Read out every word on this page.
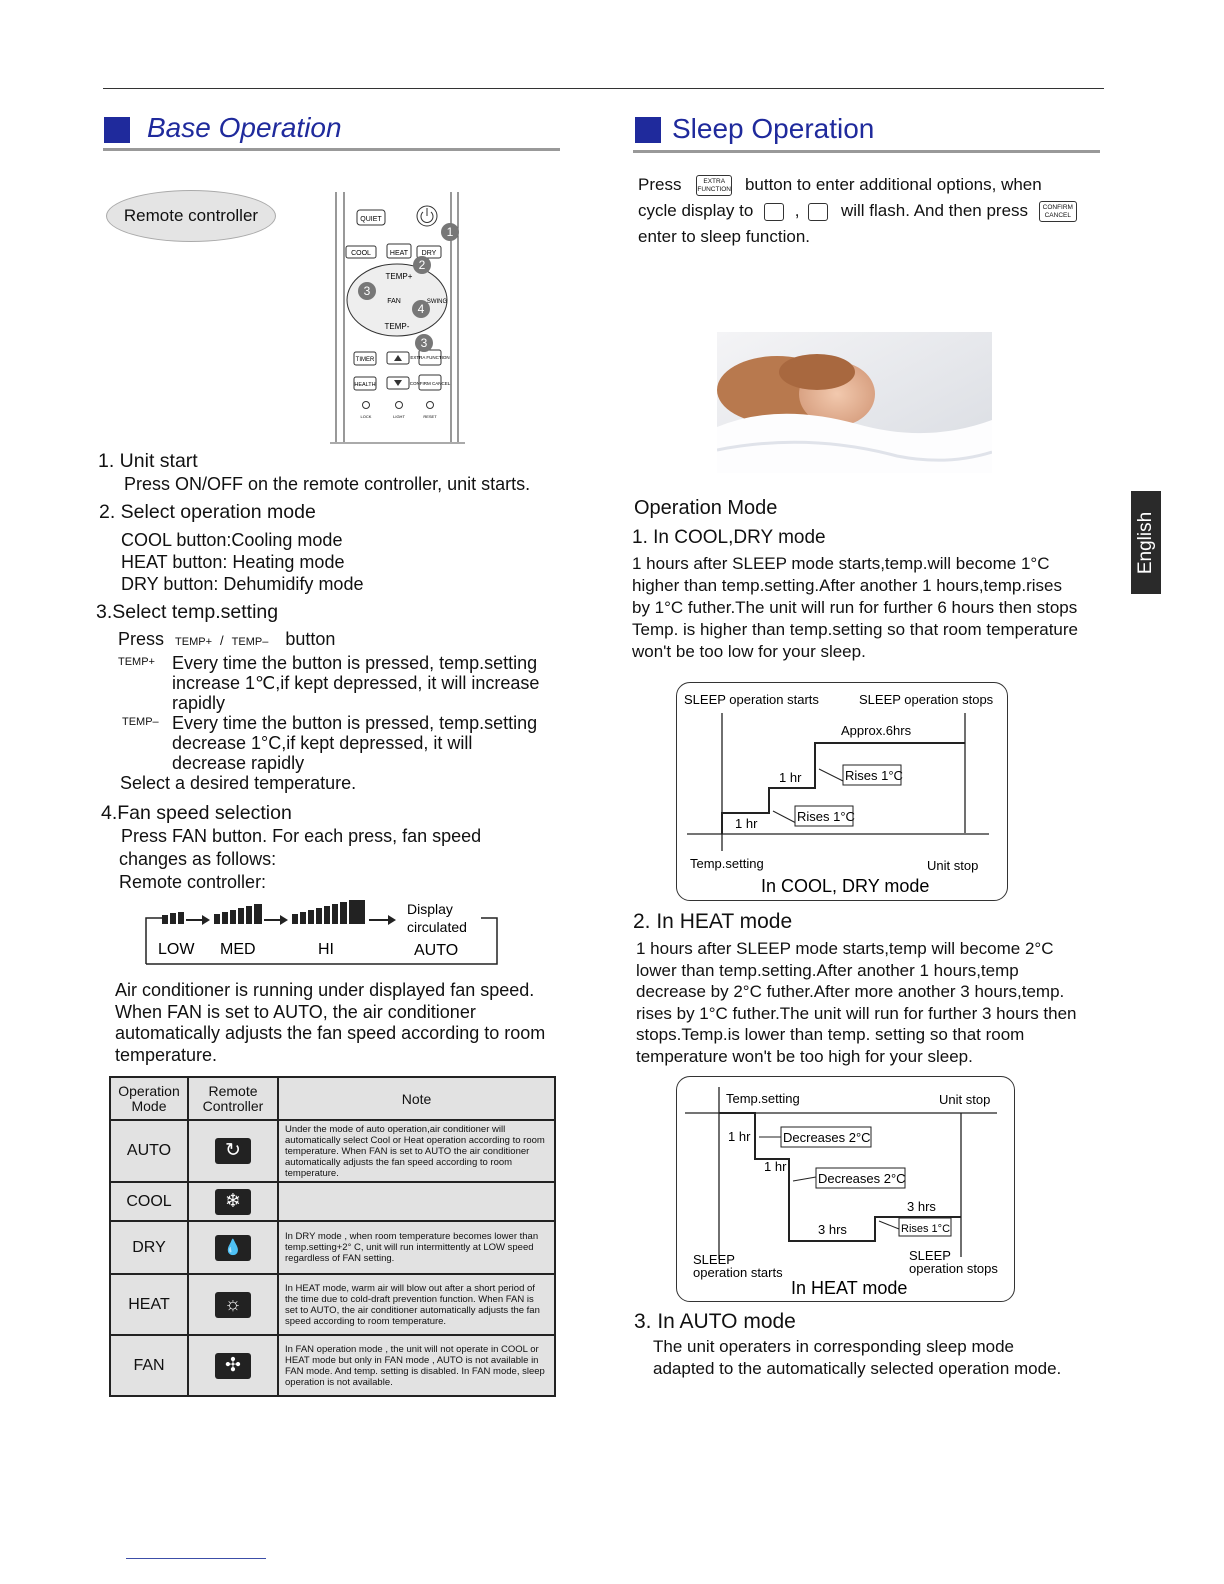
Base Operation
Remote controller	QUIET
COOL	HEAT DRY
TEMP+
FAN	SWING
TEMP-
TIMER	EXTRA FUNCTION
HEALTH	CONFIRM CANCEL
LOCK	LIGHT	RESET
1
2
3
4
3
1. Unit start
Press ON/OFF on the remote controller, unit starts.
2. Select operation mode
COOL button:Cooling mode
HEAT button: Heating mode
DRY button: Dehumidify mode
3.Select temp.setting
Press TEMP+ / TEMP– button
TEMP+ Every time the button is pressed, temp.setting
increase 1℃,if kept depressed, it will increase
rapidly
TEMP– Every time the button is pressed, temp.setting
decrease 1°C,if kept depressed, it will
decrease rapidly
Select a desired temperature.
4.Fan speed selection
Press FAN button. For each press, fan speed
changes as follows:
Remote controller:
Display
circulated
LOW MED	HI	AUTO
Air conditioner is running under displayed fan speed.
When FAN is set to AUTO, the air conditioner
automatically adjusts the fan speed according to room
temperature.
Operation Mode	Remote Controller	Note
AUTO	↻	Under the mode of auto operation,air conditioner will automatically select Cool or Heat operation according to room temperature. When FAN is set to AUTO the air conditioner automatically adjusts the fan speed according to room temperature.
COOL	❄	
DRY	💧	In DRY mode , when room temperature becomes lower than temp.setting+2° C, unit will run intermittently at LOW speed regardless of FAN setting.
HEAT	☼	In HEAT mode, warm air will blow out after a short period of the time due to cold-draft prevention function. When FAN is set to AUTO, the air conditioner automatically adjusts the fan speed according to room temperature.
FAN	✣	In FAN operation mode , the unit will not operate in COOL or HEAT mode but only in FAN mode , AUTO is not available in FAN mode. And temp. setting is disabled. In FAN mode, sleep operation is not available.
Sleep Operation
Press	EXTRA FUNCTION button to enter additional options, when
cycle display to , will flash. And then press CONFIRM CANCEL
enter to sleep function.
Operation Mode
1. In COOL,DRY mode
1 hours after SLEEP mode starts,temp.will become 1°C
higher than temp.setting.After another 1 hours,temp.rises
by 1°C futher.The unit will run for further 6 hours then stops
Temp. is higher than temp.setting so that room temperature
won't be too low for your sleep.
SLEEP operation starts	SLEEP operation stops
Approx.6hrs
1 hr
1 hr
Rises 1°C
Rises 1°C
Temp.setting	Unit stop
In COOL, DRY mode
2. In HEAT mode
1 hours after SLEEP mode starts,temp will become 2°C
lower than temp.setting.After another 1 hours,temp
decrease by 2°C futher.After more another 3 hours,temp.
rises by 1°C futher.The unit will run for further 3 hours then
stops.Temp.is lower than temp. setting so that room
temperature won't be too high for your sleep.
Temp.setting	Unit stop
1 hr
1 hr
Decreases 2°C
Decreases 2°C
3 hrs
3 hrs	Rises 1°C
SLEEP
operation starts
SLEEP
operation stops
In HEAT mode
3. In AUTO mode
The unit operaters in corresponding sleep mode
adapted to the automatically selected operation mode.
English
